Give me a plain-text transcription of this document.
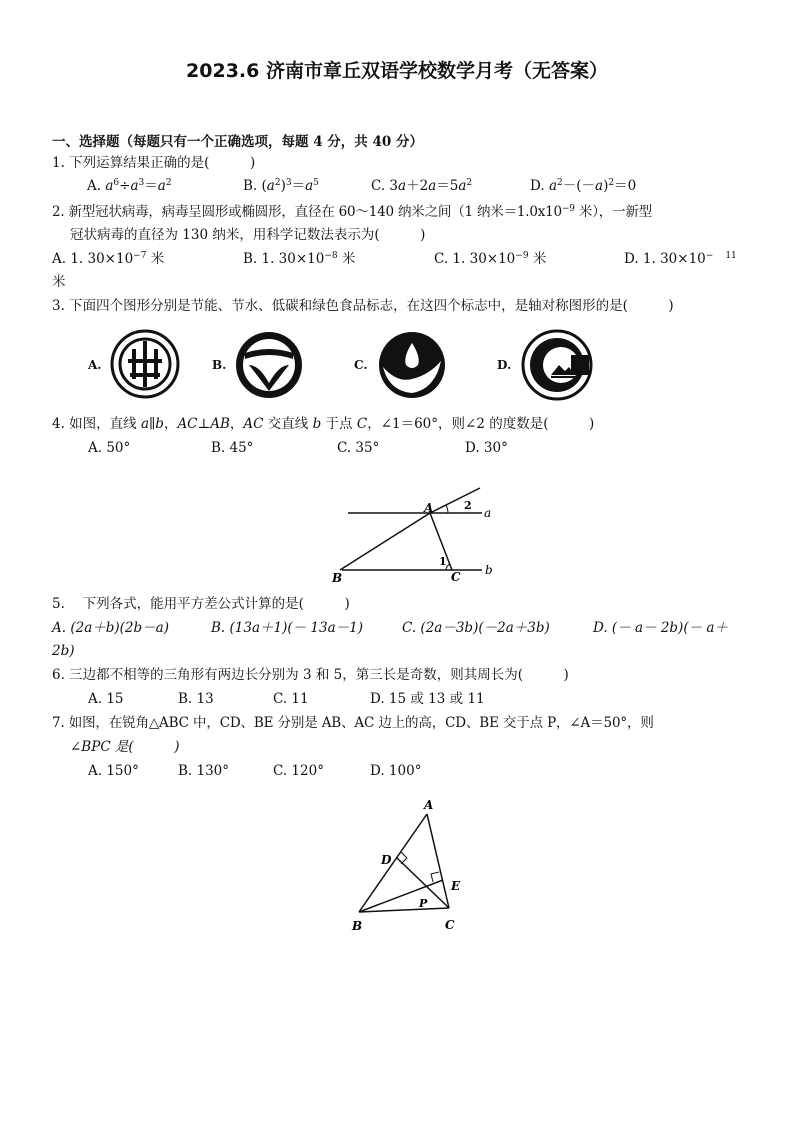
2023.6 济南市章丘双语学校数学月考（无答案）
一、选择题（每题只有一个正确选项，每题 4 分，共 40 分）
1. 下列运算结果正确的是(　　　)
A. $a^6\div a^3=a^2$	B. $(a^2)^3=a^5$	C. $3a+2a=5a^2$	D. $a^2-(-a)^2=0$
2. 新型冠状病毒，病毒呈圆形或椭圆形，直径在 60～140 纳米之间（1 纳米$=1.0x10^{-9}$ 米），一新型
冠状病毒的直径为 130 纳米，用科学记数法表示为(　　　)
A. 1. $30\times 10^{-7}$ 米	B. 1. $30\times 10^{-8}$ 米	C. 1. $30\times 10^{-9}$ 米	D. 1. 30×10− $^{11}$
米
3. 下面四个图形分别是节能、节水、低碳和绿色食品标志，在这四个标志中，是轴对称图形的是(　　　)
A.	B.	C.	D.
4. 如图，直线 a∥b，AC⊥AB，AC 交直线 b 于点 C，∠1＝60°，则∠2 的度数是(　　　)
A. 50°	B. 45°	C. 35°	D. 30°
A
B	C
a
b
1
2
5.　 下列各式，能用平方差公式计算的是(　　　)
A. (2a＋b)(2b－a)	B. (13a＋1)(－ 13a－1)	C. (2a－3b)(－2a＋3b)	D. (－ a－ 2b)(－ a＋
2b)
6. 三边都不相等的三角形有两边长分别为 3 和 5，第三长是奇数，则其周长为(　　　)
A. 15	B. 13	C. 11	D. 15 或 13 或 11
7. 如图，在锐角△ABC 中，CD、BE 分别是 AB、AC 边上的高，CD、BE 交于点 P，∠A＝50°，则
∠BPC 是(　　　)
A. 150°	B. 130°	C. 120°	D. 100°
A
B	C
D
E
P
